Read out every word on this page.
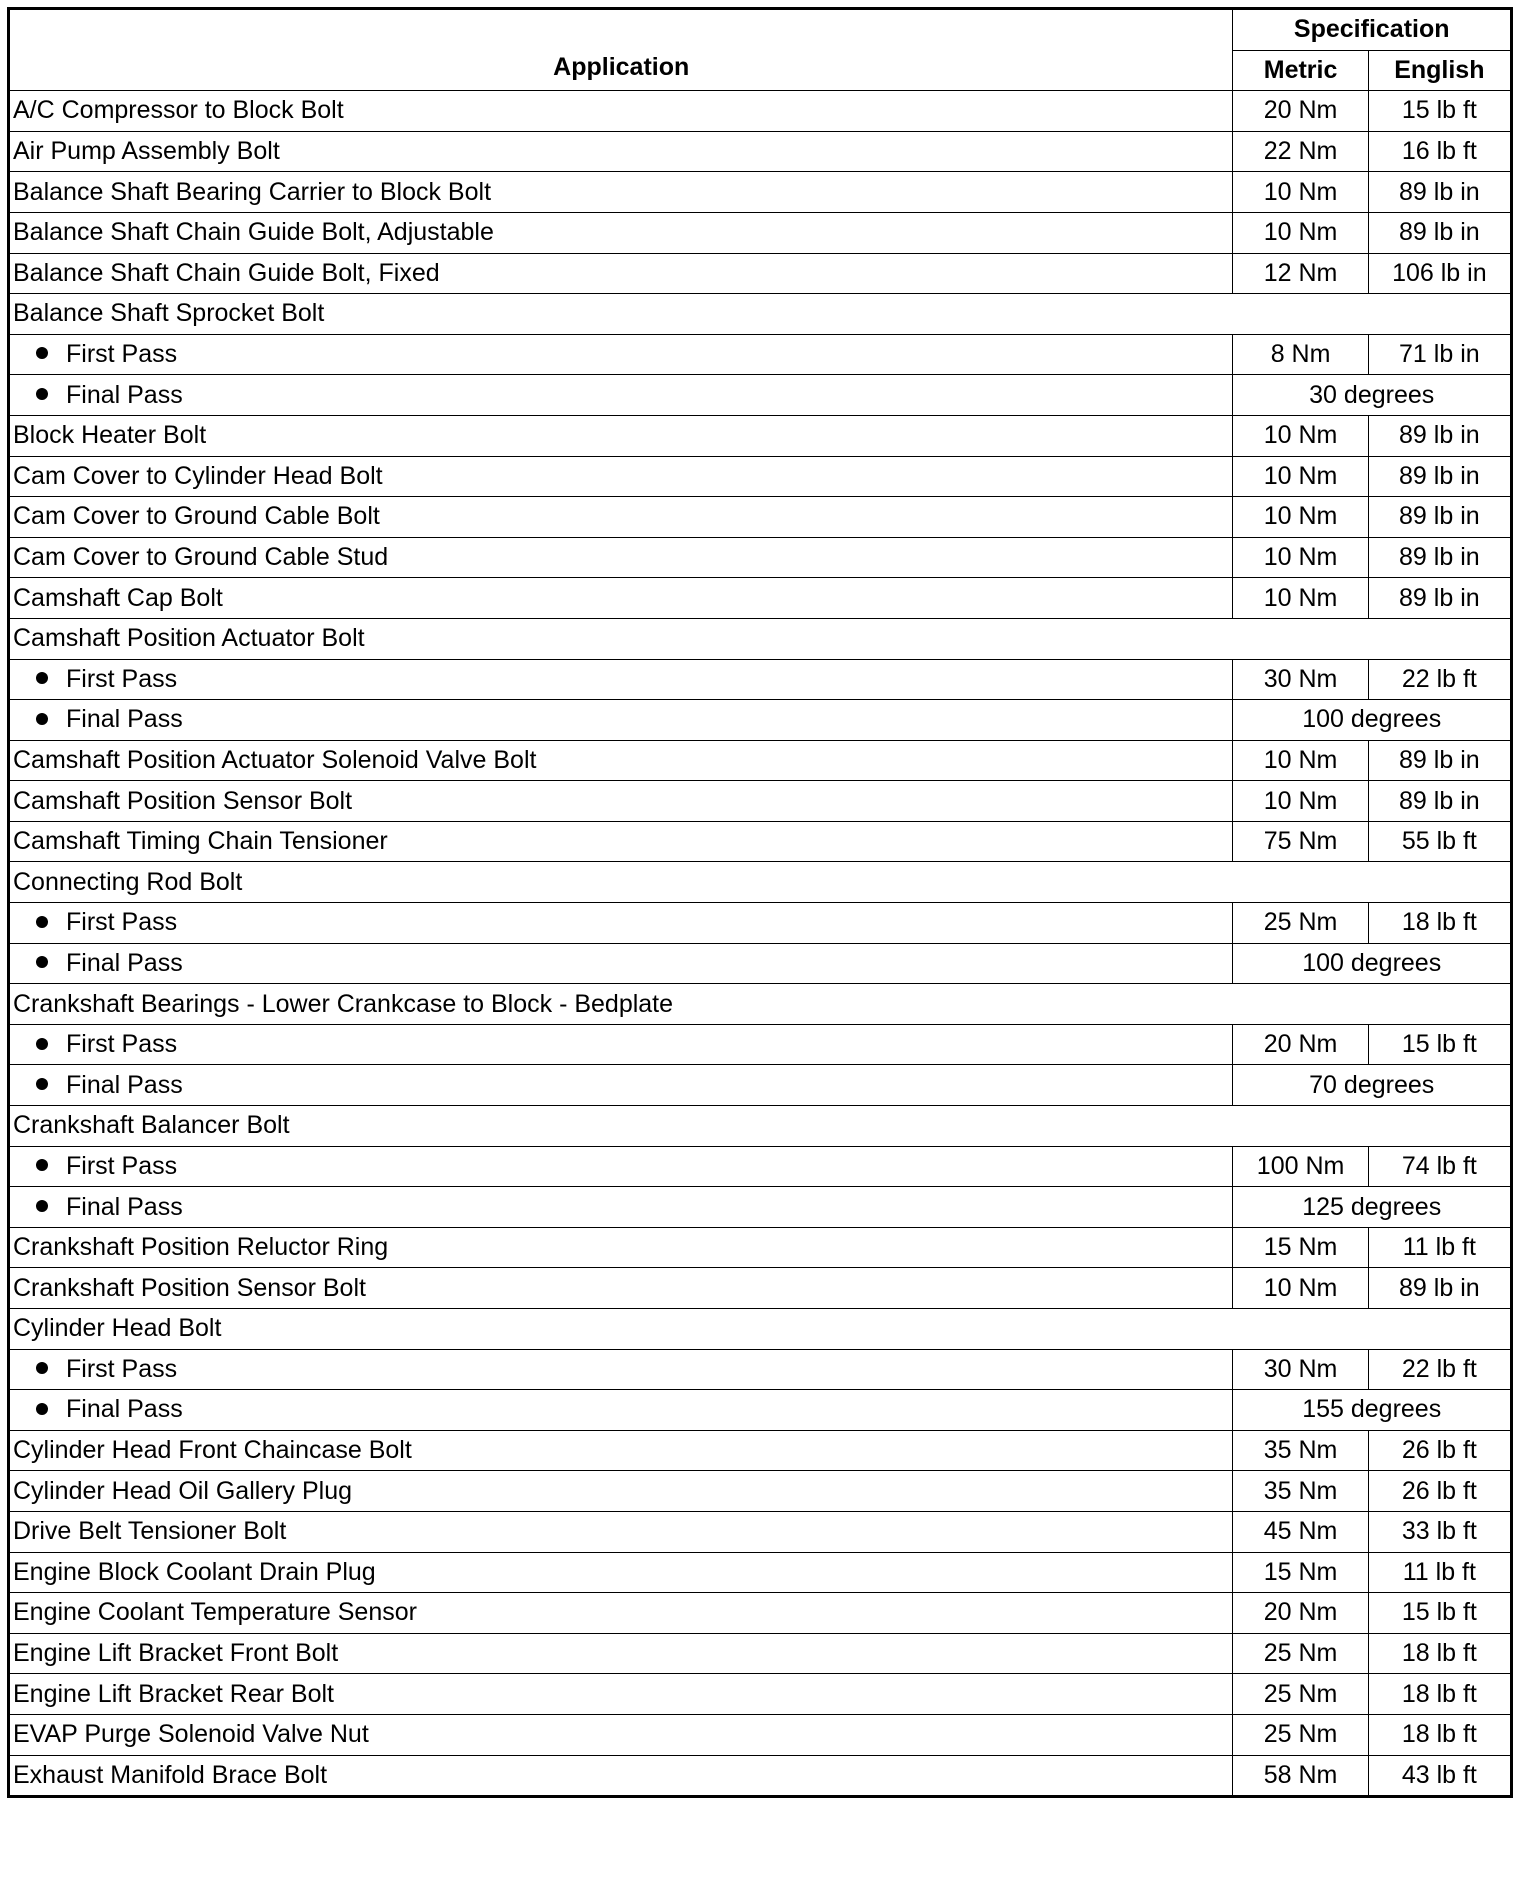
Application	Specification	
	Metric	English
A/C Compressor to Block Bolt	20 Nm	15 lb ft
Air Pump Assembly Bolt	22 Nm	16 lb ft
Balance Shaft Bearing Carrier to Block Bolt	10 Nm	89 lb in
Balance Shaft Chain Guide Bolt, Adjustable	10 Nm	89 lb in
Balance Shaft Chain Guide Bolt, Fixed	12 Nm	106 lb in
Balance Shaft Sprocket Bolt		
First Pass	8 Nm	71 lb in
Final Pass	30 degrees	
Block Heater Bolt	10 Nm	89 lb in
Cam Cover to Cylinder Head Bolt	10 Nm	89 lb in
Cam Cover to Ground Cable Bolt	10 Nm	89 lb in
Cam Cover to Ground Cable Stud	10 Nm	89 lb in
Camshaft Cap Bolt	10 Nm	89 lb in
Camshaft Position Actuator Bolt		
First Pass	30 Nm	22 lb ft
Final Pass	100 degrees	
Camshaft Position Actuator Solenoid Valve Bolt	10 Nm	89 lb in
Camshaft Position Sensor Bolt	10 Nm	89 lb in
Camshaft Timing Chain Tensioner	75 Nm	55 lb ft
Connecting Rod Bolt		
First Pass	25 Nm	18 lb ft
Final Pass	100 degrees	
Crankshaft Bearings - Lower Crankcase to Block - Bedplate		
First Pass	20 Nm	15 lb ft
Final Pass	70 degrees	
Crankshaft Balancer Bolt		
First Pass	100 Nm	74 lb ft
Final Pass	125 degrees	
Crankshaft Position Reluctor Ring	15 Nm	11 lb ft
Crankshaft Position Sensor Bolt	10 Nm	89 lb in
Cylinder Head Bolt		
First Pass	30 Nm	22 lb ft
Final Pass	155 degrees	
Cylinder Head Front Chaincase Bolt	35 Nm	26 lb ft
Cylinder Head Oil Gallery Plug	35 Nm	26 lb ft
Drive Belt Tensioner Bolt	45 Nm	33 lb ft
Engine Block Coolant Drain Plug	15 Nm	11 lb ft
Engine Coolant Temperature Sensor	20 Nm	15 lb ft
Engine Lift Bracket Front Bolt	25 Nm	18 lb ft
Engine Lift Bracket Rear Bolt	25 Nm	18 lb ft
EVAP Purge Solenoid Valve Nut	25 Nm	18 lb ft
Exhaust Manifold Brace Bolt	58 Nm	43 lb ft
